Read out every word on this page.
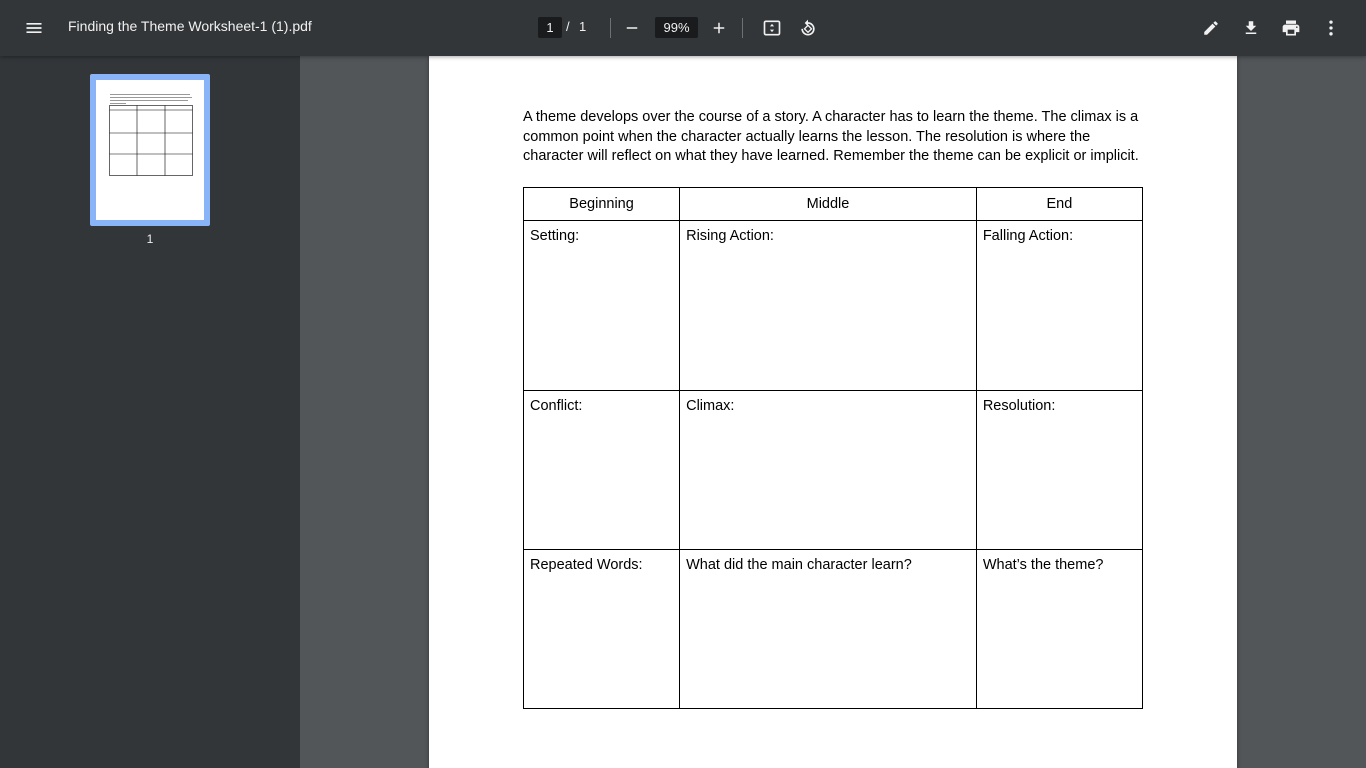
Finding the Theme Worksheet-1 (1).pdf	1 / 1	99%
1
A theme develops over the course of a story. A character has to learn the theme. The climax is a common point when the character actually learns the lesson. The resolution is where the character will reflect on what they have learned. Remember the theme can be explicit or implicit.
Beginning	Middle	End
Setting:	Rising Action:	Falling Action:
Conflict:	Climax:	Resolution:
Repeated Words:	What did the main character learn?	What’s the theme?
